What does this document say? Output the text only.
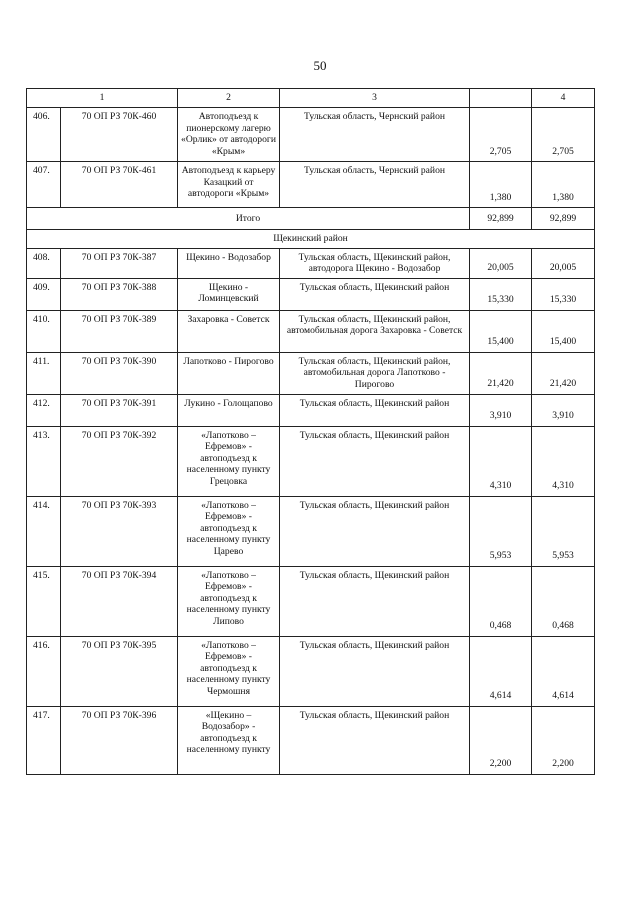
50
1		2	3		4
406.	70 ОП РЗ 70К-460	Автоподъезд к пионерскому лагерю «Орлик» от автодороги «Крым»	Тульская область, Чернский район	2,705	2,705
407.	70 ОП РЗ 70К-461	Автоподъезд к карьеру Казацкий от автодороги «Крым»	Тульская область, Чернский район	1,380	1,380
Итого				92,899	92,899
Щекинский район					
408.	70 ОП РЗ 70К-387	Щекино - Водозабор	Тульская область, Щекинский район, автодорога Щекино - Водозабор	20,005	20,005
409.	70 ОП РЗ 70К-388	Щекино - Ломинцевский	Тульская область, Щекинский район	15,330	15,330
410.	70 ОП РЗ 70К-389	Захаровка - Советск	Тульская область, Щекинский район, автомобильная дорога Захаровка - Советск	15,400	15,400
411.	70 ОП РЗ 70К-390	Лапотково - Пирогово	Тульская область, Щекинский район, автомобильная дорога Лапотково - Пирогово	21,420	21,420
412.	70 ОП РЗ 70К-391	Лукино - Голощапово	Тульская область, Щекинский район	3,910	3,910
413.	70 ОП РЗ 70К-392	«Лапотково – Ефремов» - автоподъезд к населенному пункту Грецовка	Тульская область, Щекинский район	4,310	4,310
414.	70 ОП РЗ 70К-393	«Лапотково – Ефремов» - автоподъезд к населенному пункту Царево	Тульская область, Щекинский район	5,953	5,953
415.	70 ОП РЗ 70К-394	«Лапотково – Ефремов» - автоподъезд к населенному пункту Липово	Тульская область, Щекинский район	0,468	0,468
416.	70 ОП РЗ 70К-395	«Лапотково – Ефремов» - автоподъезд к населенному пункту Чермошня	Тульская область, Щекинский район	4,614	4,614
417.	70 ОП РЗ 70К-396	«Щекино – Водозабор» - автоподъезд к населенному пункту	Тульская область, Щекинский район	2,200	2,200
